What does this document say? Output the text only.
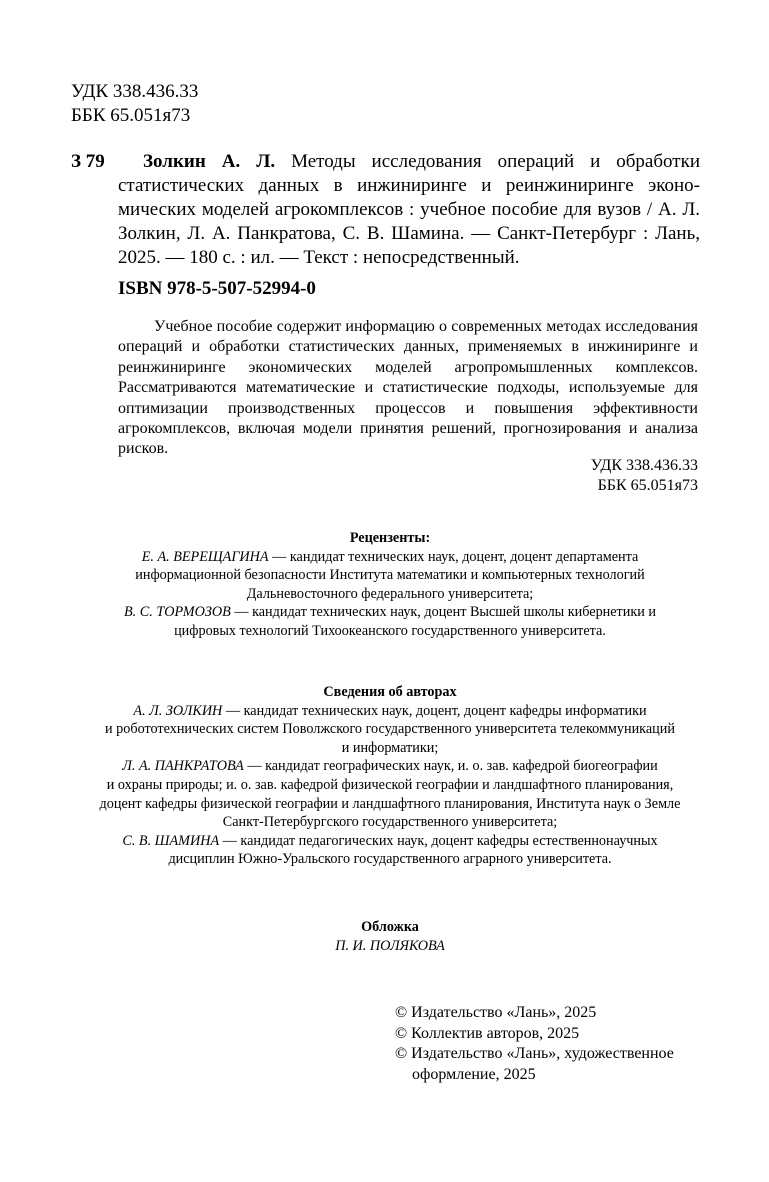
УДК 338.436.33
ББК 65.051я73
З 79	Золкин А. Л. Методы исследования операций и обработки статистических данных в инжиниринге и реинжиниринге экономических моделей агрокомплексов : учебное пособие для вузов / А. Л. Золкин, Л. А. Панкратова, С. В. Шамина. — Санкт-Петербург : Лань, 2025. — 180 с. : ил. — Текст : непосредственный.
ISBN 978-5-507-52994-0
Учебное пособие содержит информацию о современных методах исследования операций и обработки статистических данных, применяемых в инжиниринге и реинжиниринге экономических моделей агропромышленных комплексов. Рассматриваются математические и статистические подходы, используемые для оптимизации производственных процессов и повышения эффективности агрокомплексов, включая модели принятия решений, прогнозирования и анализа рисков.
УДК 338.436.33
ББК 65.051я73
Рецензенты:
Е. А. ВЕРЕЩАГИНА — кандидат технических наук, доцент, доцент департамента
информационной безопасности Института математики и компьютерных технологий
Дальневосточного федерального университета;
В. С. ТОРМОЗОВ — кандидат технических наук, доцент Высшей школы кибернетики и
цифровых технологий Тихоокеанского государственного университета.
Сведения об авторах
А. Л. ЗОЛКИН — кандидат технических наук, доцент, доцент кафедры информатики
и робототехнических систем Поволжского государственного университета телекоммуникаций
и информатики;
Л. А. ПАНКРАТОВА — кандидат географических наук, и. о. зав. кафедрой биогеографии
и охраны природы; и. о. зав. кафедрой физической географии и ландшафтного планирования,
доцент кафедры физической географии и ландшафтного планирования, Института наук о Земле
Санкт-Петербургского государственного университета;
С. В. ШАМИНА — кандидат педагогических наук, доцент кафедры естественнонаучных
дисциплин Южно-Уральского государственного аграрного университета.
Обложка
П. И. ПОЛЯКОВА
© Издательство «Лань», 2025
© Коллектив авторов, 2025
© Издательство «Лань», художественное
оформление, 2025
